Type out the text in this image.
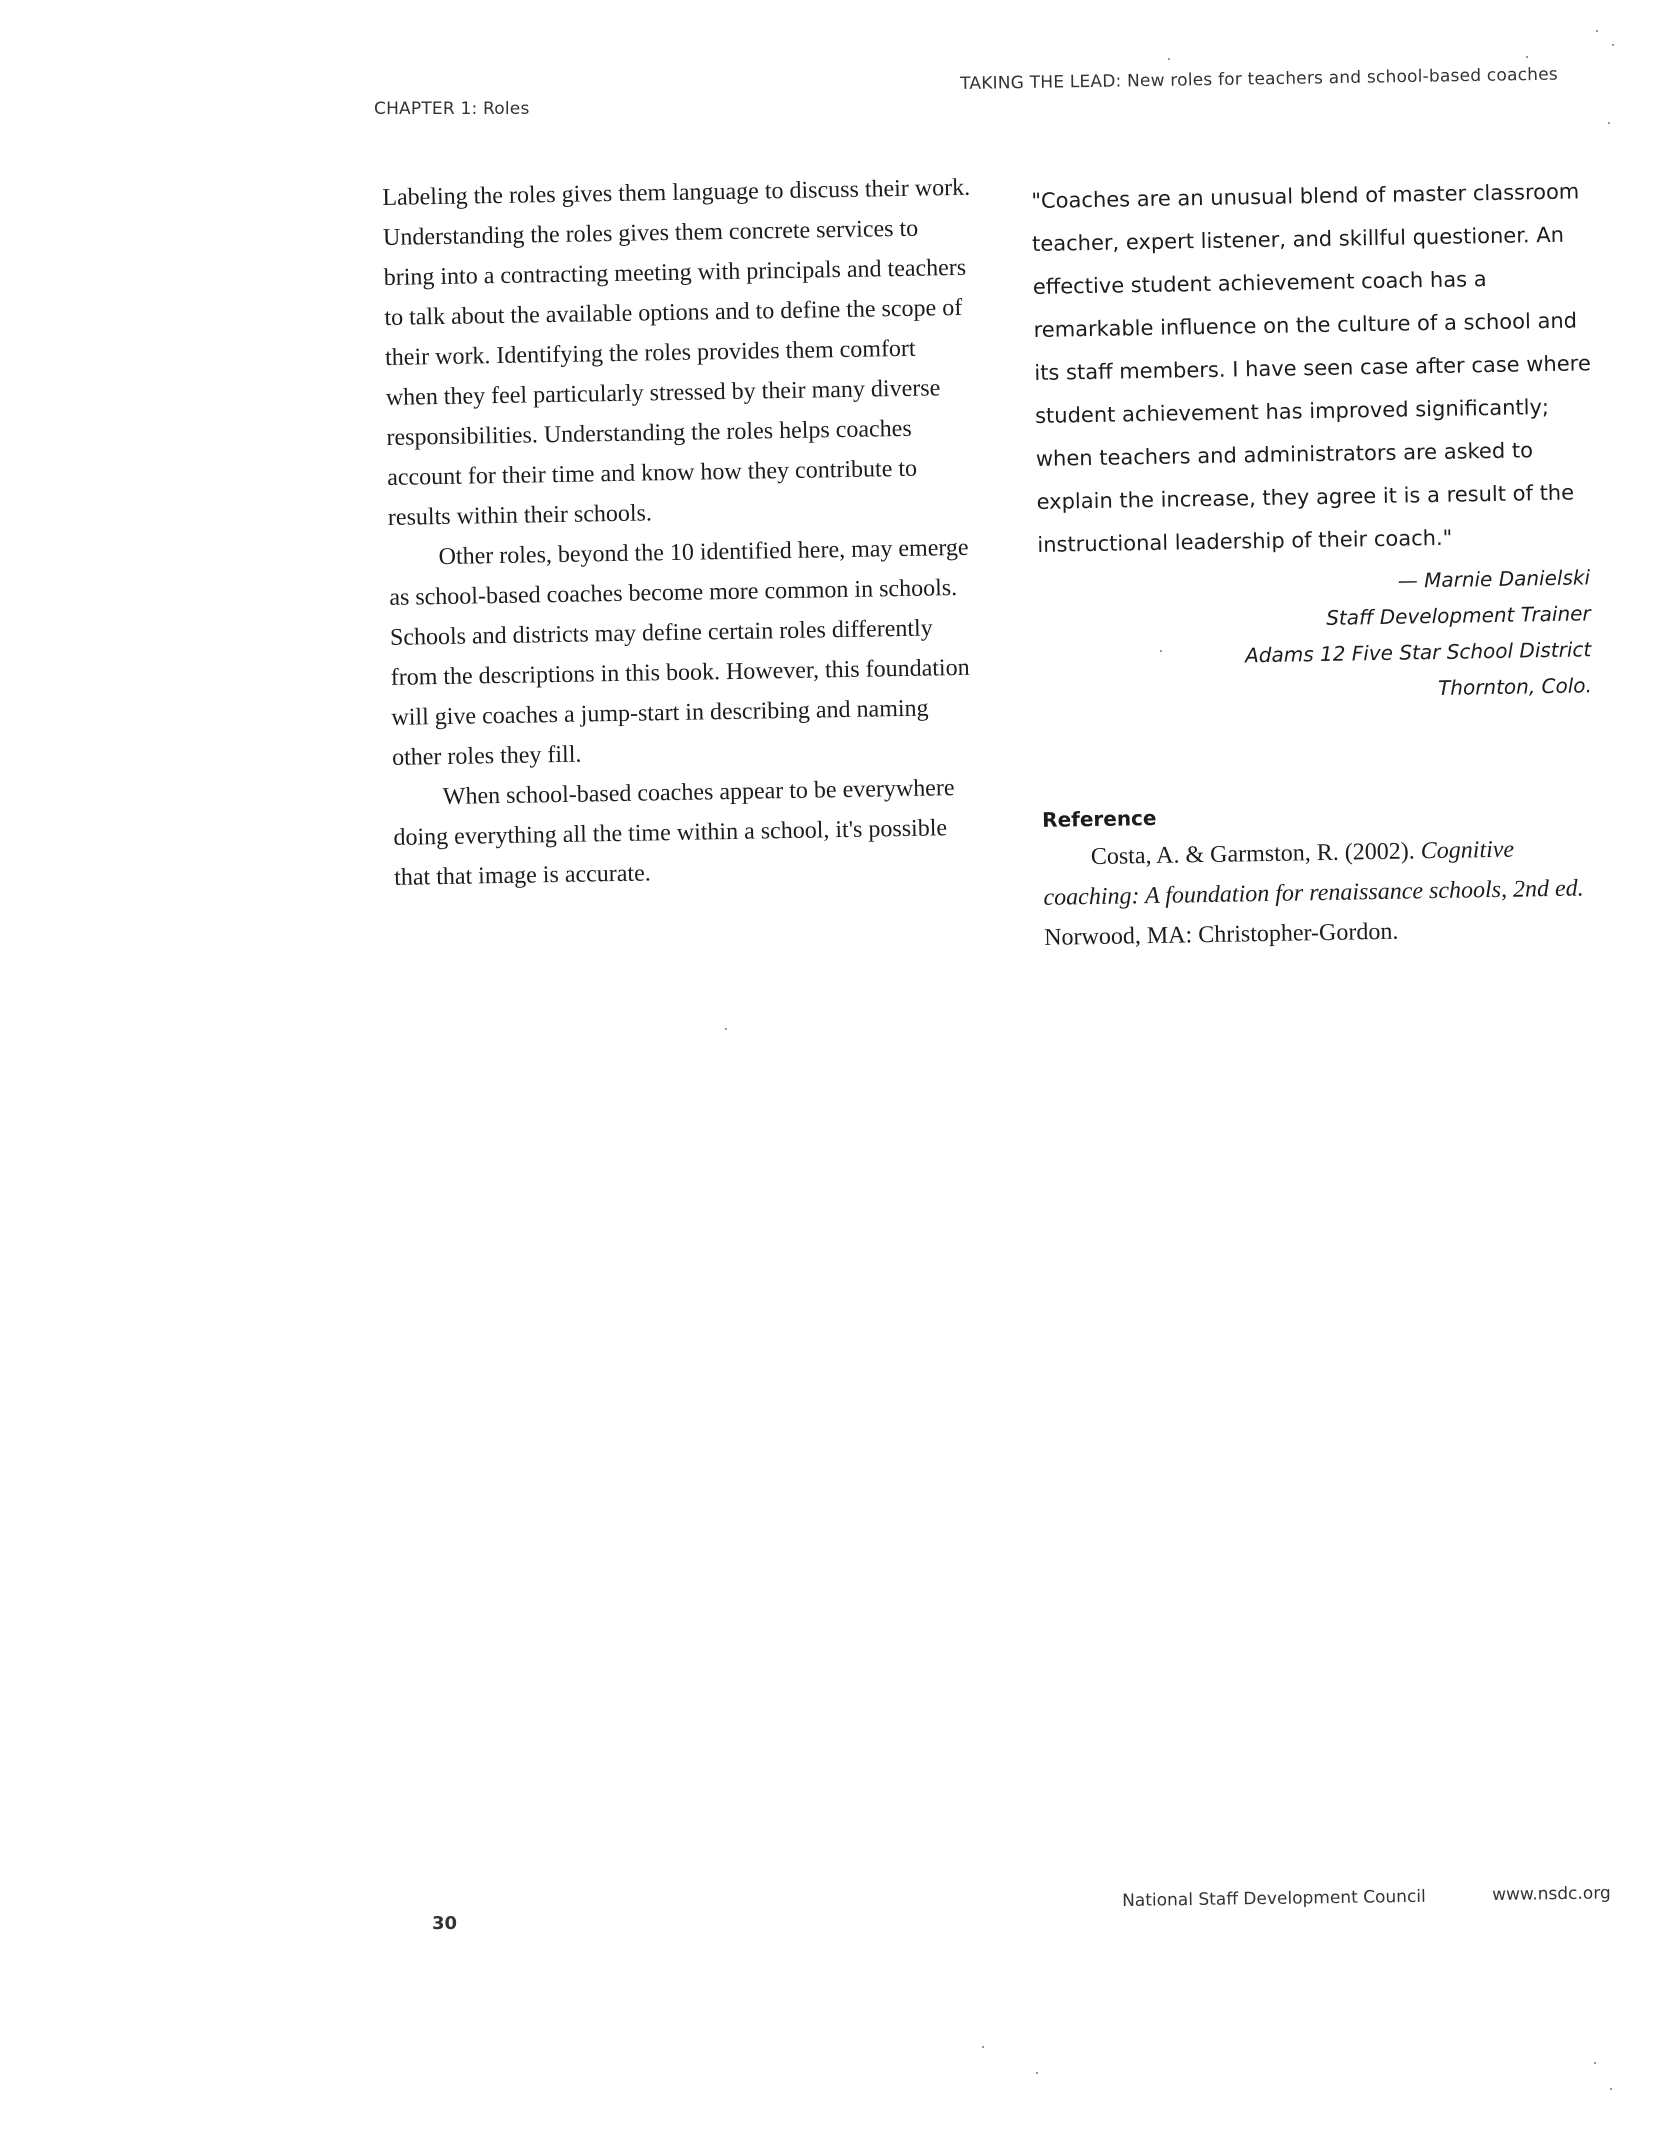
CHAPTER 1: Roles
TAKING THE LEAD: New roles for teachers and school-based coaches

Labeling the roles gives them language to discuss their work. Understanding the roles gives them concrete services to bring into a contracting meeting with principals and teachers to talk about the available options and to define the scope of their work. Identifying the roles provides them comfort when they feel particularly stressed by their many diverse responsibilities. Understanding the roles helps coaches account for their time and know how they contribute to results within their schools.

Other roles, beyond the 10 identified here, may emerge as school-based coaches become more common in schools. Schools and districts may define certain roles differently from the descriptions in this book. However, this foundation will give coaches a jump-start in describing and naming other roles they fill.

When school-based coaches appear to be everywhere doing everything all the time within a school, it's possible that that image is accurate.

"Coaches are an unusual blend of master classroom teacher, expert listener, and skillful questioner. An effective student achievement coach has a remarkable influence on the culture of a school and its staff members. I have seen case after case where student achievement has improved significantly; when teachers and administrators are asked to explain the increase, they agree it is a result of the instructional leadership of their coach."

— Marnie Danielski
Staff Development Trainer
Adams 12 Five Star School District
Thornton, Colo.
Reference

Costa, A. & Garmston, R. (2002). Cognitive coaching: A foundation for renaissance schools, 2nd ed. Norwood, MA: Christopher-Gordon.

National Staff Development Council	www.nsdc.org
30
